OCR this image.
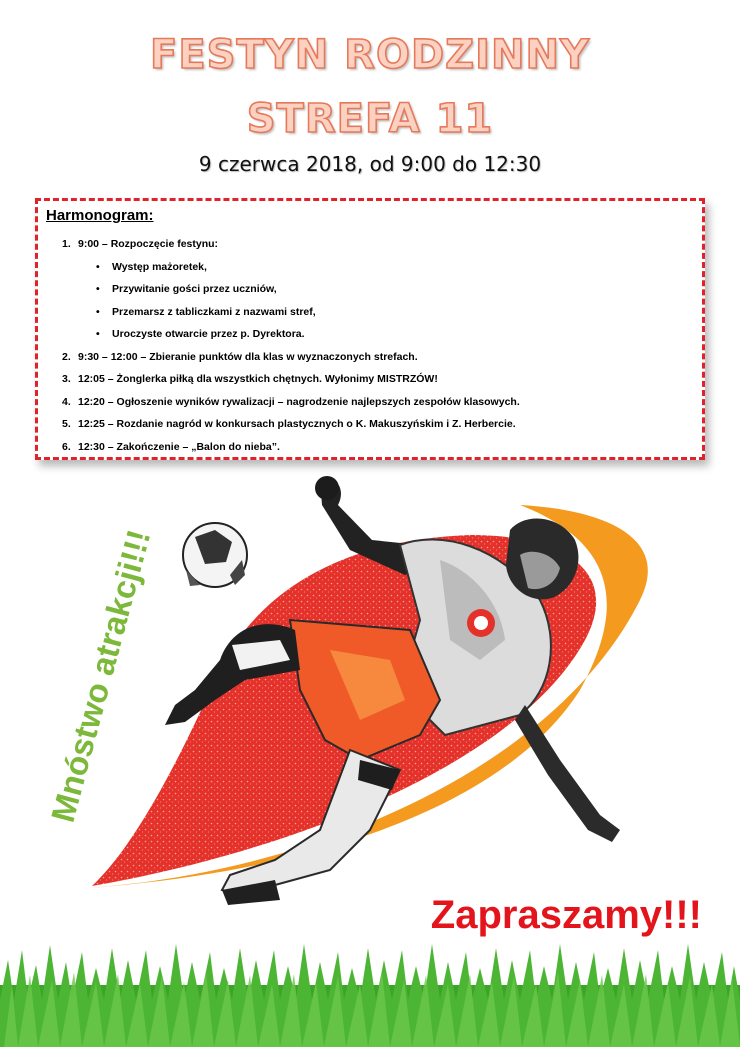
FESTYN RODZINNY
STREFA 11
9 czerwca 2018, od 9:00 do 12:30
Harmonogram:
1. 9:00 – Rozpoczęcie festynu:
• Występ mażoretek,
• Przywitanie gości przez uczniów,
• Przemarsz z tabliczkami z nazwami stref,
• Uroczyste otwarcie przez p. Dyrektora.
2. 9:30 – 12:00 – Zbieranie punktów dla klas w wyznaczonych strefach.
3. 12:05 – Żonglerka piłką dla wszystkich chętnych. Wyłonimy MISTRZÓW!
4. 12:20 – Ogłoszenie wyników rywalizacji – nagrodzenie najlepszych zespołów klasowych.
5. 12:25 – Rozdanie nagród w konkursach plastycznych o K. Makuszyńskim i Z. Herbercie.
6. 12:30 – Zakończenie – „Balon do nieba”.
Mnóstwo atrakcji!!!
Zapraszamy!!!
